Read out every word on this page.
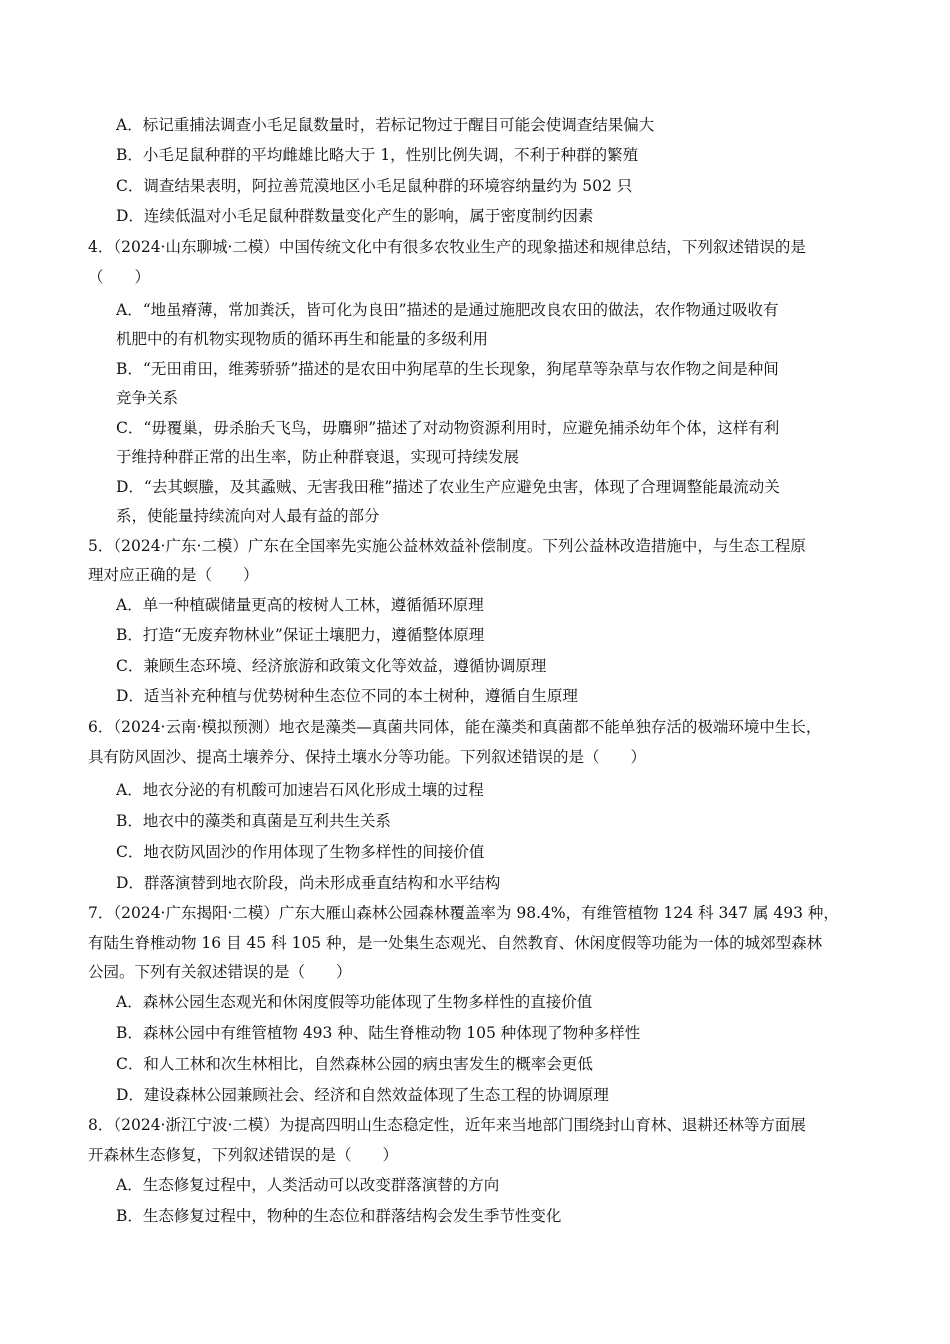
A．标记重捕法调查小毛足鼠数量时，若标记物过于醒目可能会使调查结果偏大
B．小毛足鼠种群的平均雌雄比略大于 1，性别比例失调，不利于种群的繁殖
C．调查结果表明，阿拉善荒漠地区小毛足鼠种群的环境容纳量约为 502 只
D．连续低温对小毛足鼠种群数量变化产生的影响，属于密度制约因素
4．（2024·山东聊城·二模）中国传统文化中有很多农牧业生产的现象描述和规律总结，下列叙述错误的是
（　　）
A．“地虽瘠薄，常加粪沃，皆可化为良田”描述的是通过施肥改良农田的做法，农作物通过吸收有
机肥中的有机物实现物质的循环再生和能量的多级利用
B．“无田甫田，维莠骄骄”描述的是农田中狗尾草的生长现象，狗尾草等杂草与农作物之间是种间
竞争关系
C．“毋覆巢，毋杀胎夭飞鸟，毋麛卵”描述了对动物资源利用时，应避免捕杀幼年个体，这样有利
于维持种群正常的出生率，防止种群衰退，实现可持续发展
D．“去其螟螣，及其蟊贼、无害我田稚”描述了农业生产应避免虫害，体现了合理调整能最流动关
系，使能量持续流向对人最有益的部分
5．（2024·广东·二模）广东在全国率先实施公益林效益补偿制度。下列公益林改造措施中，与生态工程原
理对应正确的是（　　）
A．单一种植碳储量更高的桉树人工林，遵循循环原理
B．打造“无废弃物林业”保证土壤肥力，遵循整体原理
C．兼顾生态环境、经济旅游和政策文化等效益，遵循协调原理
D．适当补充种植与优势树种生态位不同的本土树种，遵循自生原理
6．（2024·云南·模拟预测）地衣是藻类—真菌共同体，能在藻类和真菌都不能单独存活的极端环境中生长，
具有防风固沙、提高土壤养分、保持土壤水分等功能。下列叙述错误的是（　　）
A．地衣分泌的有机酸可加速岩石风化形成土壤的过程
B．地衣中的藻类和真菌是互利共生关系
C．地衣防风固沙的作用体现了生物多样性的间接价值
D．群落演替到地衣阶段，尚未形成垂直结构和水平结构
7．（2024·广东揭阳·二模）广东大雁山森林公园森林覆盖率为 98.4%，有维管植物 124 科 347 属 493 种，
有陆生脊椎动物 16 目 45 科 105 种，是一处集生态观光、自然教育、休闲度假等功能为一体的城郊型森林
公园。下列有关叙述错误的是（　　）
A．森林公园生态观光和休闲度假等功能体现了生物多样性的直接价值
B．森林公园中有维管植物 493 种、陆生脊椎动物 105 种体现了物种多样性
C．和人工林和次生林相比，自然森林公园的病虫害发生的概率会更低
D．建设森林公园兼顾社会、经济和自然效益体现了生态工程的协调原理
8．（2024·浙江宁波·二模）为提高四明山生态稳定性，近年来当地部门围绕封山育林、退耕还林等方面展
开森林生态修复，下列叙述错误的是（　　）
A．生态修复过程中，人类活动可以改变群落演替的方向
B．生态修复过程中，物种的生态位和群落结构会发生季节性变化
